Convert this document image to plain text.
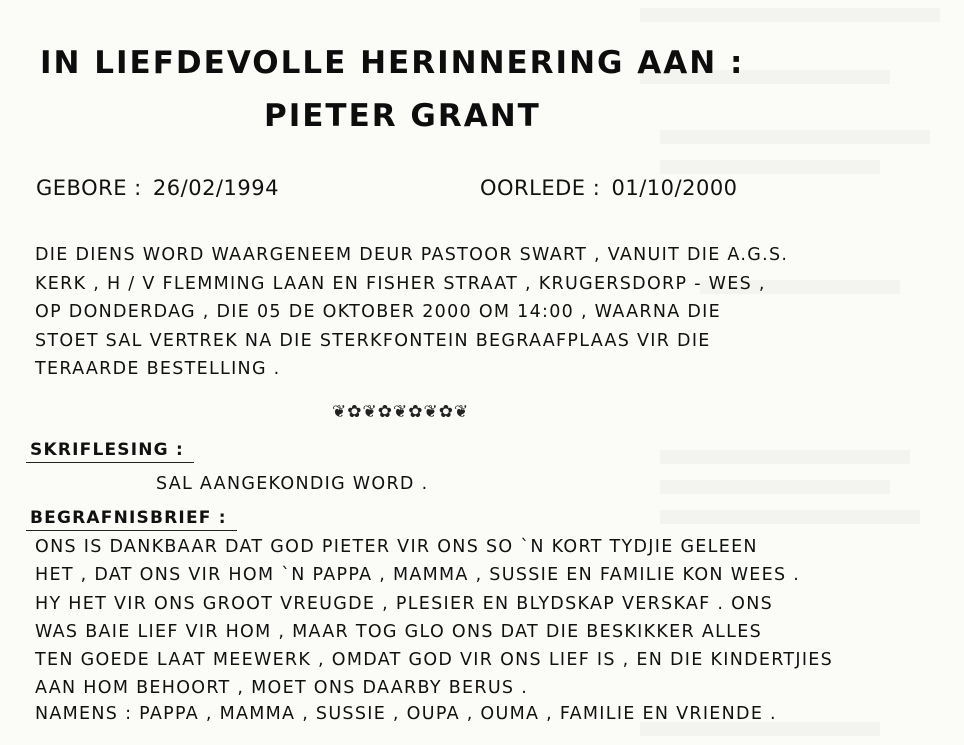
IN LIEFDEVOLLE HERINNERING AAN :
PIETER GRANT
GEBORE : 26/02/1994	OORLEDE : 01/10/2000
DIE DIENS WORD WAARGENEEM DEUR PASTOOR SWART , VANUIT DIE A.G.S.
KERK , H / V FLEMMING LAAN EN FISHER STRAAT , KRUGERSDORP - WES ,
OP DONDERDAG , DIE 05 DE OKTOBER 2000 OM 14:00 , WAARNA DIE
STOET SAL VERTREK NA DIE STERKFONTEIN BEGRAAFPLAAS VIR DIE
TERAARDE BESTELLING .
❦✿❦✿❦✿❦✿❦
SKRIFLESING :
SAL AANGEKONDIG WORD .
BEGRAFNISBRIEF :
ONS IS DANKBAAR DAT GOD PIETER VIR ONS SO `N KORT TYDJIE GELEEN
HET , DAT ONS VIR HOM `N PAPPA , MAMMA , SUSSIE EN FAMILIE KON WEES .
HY HET VIR ONS GROOT VREUGDE , PLESIER EN BLYDSKAP VERSKAF . ONS
WAS BAIE LIEF VIR HOM , MAAR TOG GLO ONS DAT DIE BESKIKKER ALLES
TEN GOEDE LAAT MEEWERK , OMDAT GOD VIR ONS LIEF IS , EN DIE KINDERTJIES
AAN HOM BEHOORT , MOET ONS DAARBY BERUS .
NAMENS : PAPPA , MAMMA , SUSSIE , OUPA , OUMA , FAMILIE EN VRIENDE .
